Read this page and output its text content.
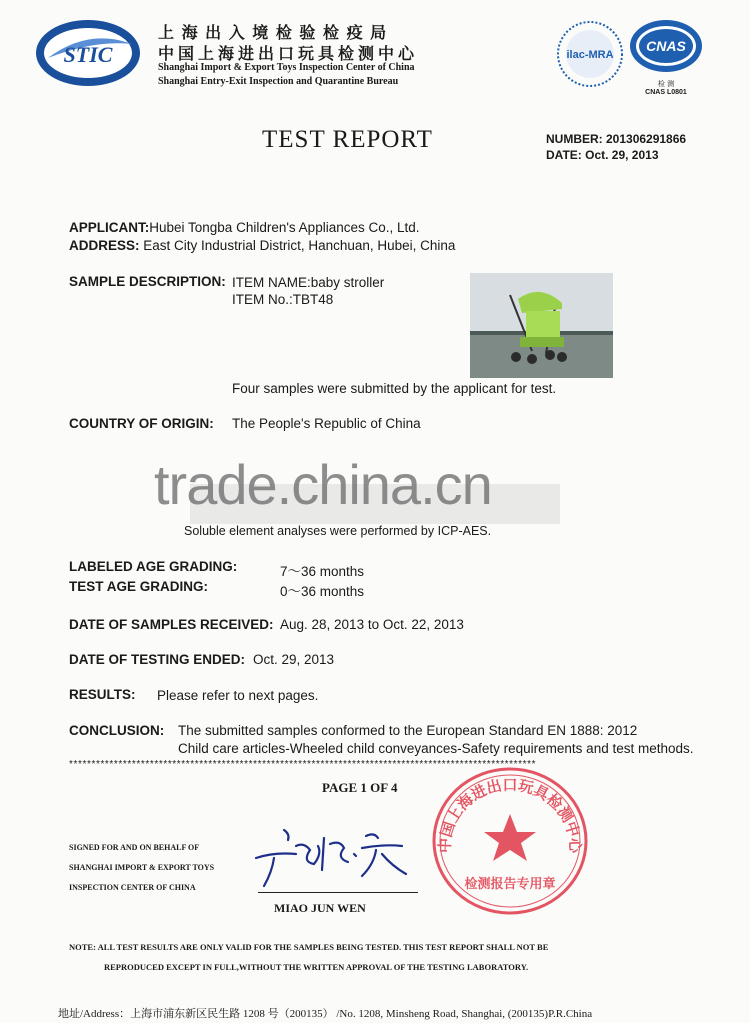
STIC
上 海 出 入 境 检 验 检 疫 局
中国上海进出口玩具检测中心
Shanghai Import & Export Toys Inspection Center of China
Shanghai Entry-Exit Inspection and Quarantine Bureau
ilac-MRA
CNAS
检 测
CNAS L0801
TEST REPORT	NUMBER: 201306291866
DATE: Oct. 29, 2013
APPLICANT:Hubei Tongba Children's Appliances Co., Ltd.
ADDRESS: East City Industrial District, Hanchuan, Hubei, China
SAMPLE DESCRIPTION: ITEM NAME:baby stroller
ITEM No.:TBT48
Four samples were submitted by the applicant for test.
COUNTRY OF ORIGIN: The People's Republic of China
trade.china.cn
Soluble element analyses were performed by ICP-AES.
LABELED AGE GRADING:	7～36 months
TEST AGE GRADING:	0～36 months
DATE OF SAMPLES RECEIVED: Aug. 28, 2013 to Oct. 22, 2013
DATE OF TESTING ENDED: Oct. 29, 2013
RESULTS: Please refer to next pages.
CONCLUSION: The submitted samples conformed to the European Standard EN 1888: 2012
Child care articles-Wheeled child conveyances-Safety requirements and test methods.
********************************************************************************************************
PAGE 1 OF 4
SIGNED FOR AND ON BEHALF OF
SHANGHAI IMPORT & EXPORT TOYS
INSPECTION CENTER OF CHINA
MIAO JUN WEN
中国上海进出口玩具检测中心
检测报告专用章
NOTE: ALL TEST RESULTS ARE ONLY VALID FOR THE SAMPLES BEING TESTED. THIS TEST REPORT SHALL NOT BE
REPRODUCED EXCEPT IN FULL,WITHOUT THE WRITTEN APPROVAL OF THE TESTING LABORATORY.
地址/Address：上海市浦东新区民生路 1208 号（200135） /No. 1208, Minsheng Road, Shanghai, (200135)P.R.China
